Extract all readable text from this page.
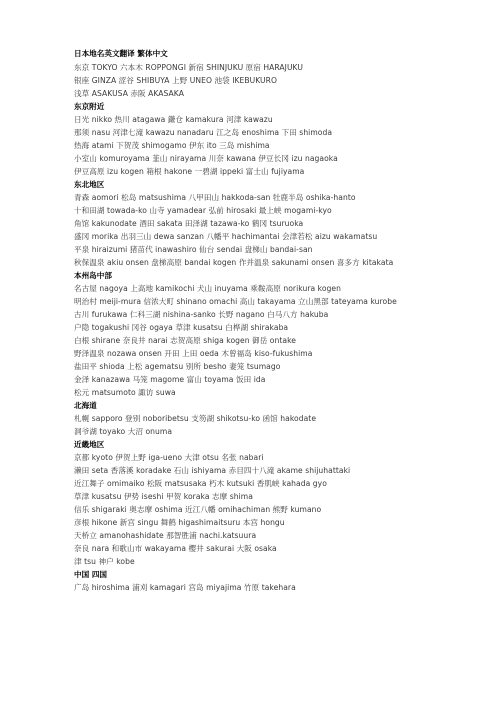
日本地名英文翻译 繁体中文
东京 TOKYO 六本木 ROPPONGI 新宿 SHINJUKU 原宿 HARAJUKU
银座 GINZA 涩谷 SHIBUYA 上野 UNEO 池袋 IKEBUKURO
浅草 ASAKUSA 赤阪 AKASAKA
东京附近
日光 nikko 热川 atagawa 鎌仓 kamakura 河津 kawazu
那须 nasu 河津七滝 kawazu nanadaru 江之岛 enoshima 下田 shimoda
热海 atami 下贺茂 shimogamo 伊东 ito 三岛 mishima
小室山 komuroyama 韮山 nirayama 川奈 kawana 伊豆长冈 izu nagaoka
伊豆高原 izu kogen 箱根 hakone 一碧湖 ippeki 富士山 fujiyama
东北地区
青森 aomori 松岛 matsushima 八甲田山 hakkoda-san 牡鹿半岛 oshika-hanto
十和田湖 towada-ko 山寺 yamadear 弘前 hirosaki 最上峡 mogami-kyo
角馆 kakunodate 酒田 sakata 田泽湖 tazawa-ko 鹤冈 tsuruoka
盛冈 morika 出羽三山 dewa sanzan 八幡平 hachimantai 会津若松 aizu wakamatsu
平泉 hiraizumi 猪苗代 inawashiro 仙台 sendai 盘梯山 bandai-san
秋保温泉 akiu onsen 盘梯高原 bandai kogen 作并温泉 sakunami onsen 喜多方 kitakata
本州岛中部
名古屋 nagoya 上高地 kamikochi 犬山 inuyama 乘鞍高原 norikura kogen
明治村 meiji-mura 信浓大町 shinano omachi 高山 takayama 立山黑部 tateyama kurobe
古川 furukawa 仁科三湖 nishina-sanko 长野 nagano 白马八方 hakuba
户隐 togakushi 冈谷 ogaya 草津 kusatsu 白桦湖 shirakaba
白根 shirane 奈良井 narai 志贺高原 shiga kogen 御岳 ontake
野泽温泉 nozawa onsen 开田 上田 oeda 木曾福岛 kiso-fukushima
盐田平 shioda 上松 agematsu 别所 besho 妻笼 tsumago
金泽 kanazawa 马笼 magome 富山 toyama 饭田 ida
松元 matsumoto 諏访 suwa
北海道
札幌 sapporo 登别 noboribetsu 支笏湖 shikotsu-ko 函馆 hakodate
洞爷湖 toyako 大沼 onuma
近畿地区
京都 kyoto 伊贺上野 iga-ueno 大津 otsu 名张 nabari
濑田 seta 香落溪 koradake 石山 ishiyama 赤目四十八滝 akame shijuhattaki
近江舞子 omimaiko 松阪 matsusaka 朽木 kutsuki 香肌峡 kahada gyo
草津 kusatsu 伊势 iseshi 甲贺 koraka 志摩 shima
信乐 shigaraki 奥志摩 oshima 近江八幡 omihachiman 熊野 kumano
彦根 hikone 新宫 singu 舞鹤 higashimaitsuru 本宫 hongu
天桥立 amanohashidate 那智胜浦 nachi.katsuura
奈良 nara 和歌山市 wakayama 樱井 sakurai 大阪 osaka
津 tsu 神户 kobe
中国 四国
广岛 hiroshima 浦刈 kamagari 宫岛 miyajima 竹原 takehara
